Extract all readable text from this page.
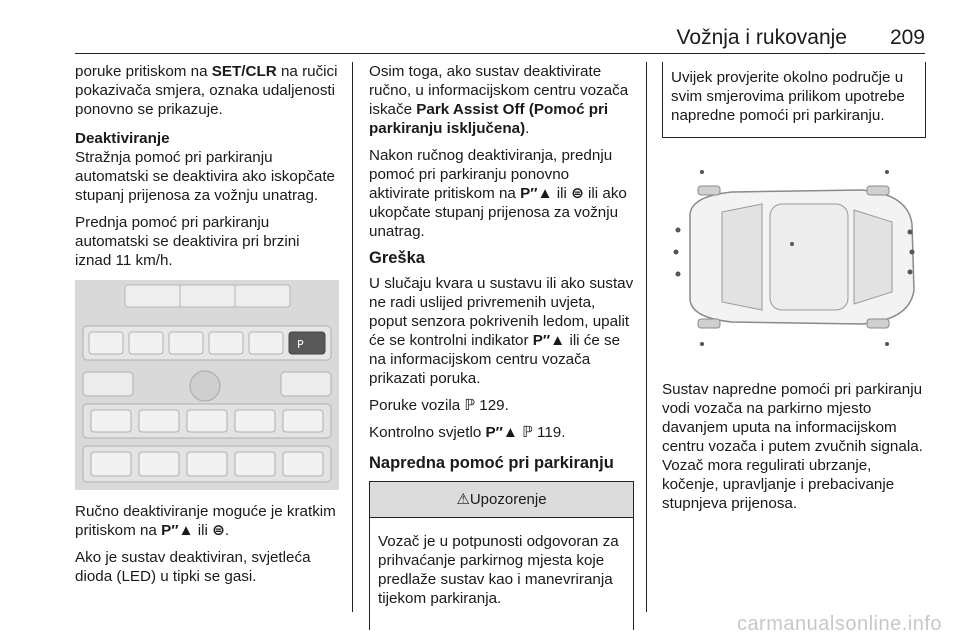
Vožnja i rukovanje 209

poruke pritiskom na SET/CLR na ručici pokazivača smjera, oznaka udaljenosti ponovno se prikazuje.

Deaktiviranje

Stražnja pomoć pri parkiranju automatski se deaktivira ako iskopčate stupanj prijenosa za vožnju unatrag.

Prednja pomoć pri parkiranju automatski se deaktivira pri brzini iznad 11 km/h.

P

Ručno deaktiviranje moguće je kratkim pritiskom na P″▲ ili ⊜.

Ako je sustav deaktiviran, svjetleća dioda (LED) u tipki se gasi.

Osim toga, ako sustav deaktivirate ručno, u informacijskom centru vozača iskače Park Assist Off (Pomoć pri parkiranju isključena).

Nakon ručnog deaktiviranja, prednju pomoć pri parkiranju ponovno aktivirate pritiskom na P″▲ ili ⊜ ili ako ukopčate stupanj prijenosa za vožnju unatrag.

Greška

U slučaju kvara u sustavu ili ako sustav ne radi uslijed privremenih uvjeta, poput senzora pokrivenih ledom, upalit će se kontrolni indikator P″▲ ili će se na informacijskom centru vozača prikazati poruka.

Poruke vozila ℙ 129.

Kontrolno svjetlo P″▲ ℙ 119.

Napredna pomoć pri parkiranju
⚠Upozorenje
Vozač je u potpunosti odgovoran za prihvaćanje parkirnog mjesta koje predlaže sustav kao i manevriranja tijekom parkiranja.
Uvijek provjerite okolno područje u svim smjerovima prilikom upotrebe napredne pomoći pri parkiranju.

Sustav napredne pomoći pri parkiranju vodi vozača na parkirno mjesto davanjem uputa na informacijskom centru vozača i putem zvučnih signala. Vozač mora regulirati ubrzanje, kočenje, upravljanje i prebacivanje stupnjeva prijenosa.

carmanualsonline.info
